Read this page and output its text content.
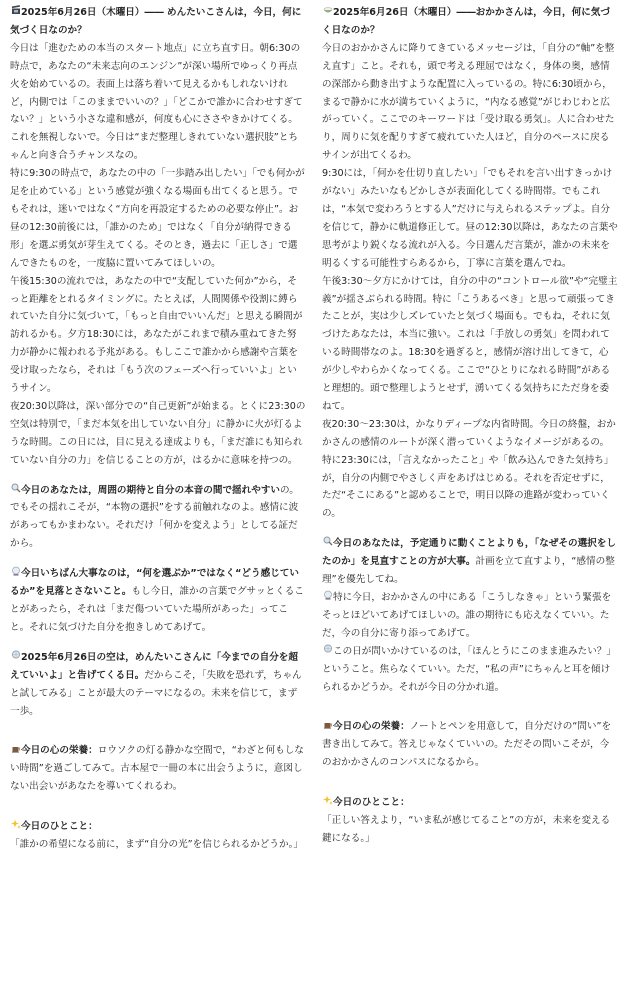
2025年6月26日（木曜日）―― めんたいこさんは，今日，何に気づく日なのか？

今日は「進むための本当のスタート地点」に立ち直す日。朝6:30の時点で，あなたの“未来志向のエンジン”が深い場所でゆっくり再点火を始めているの。表面上は落ち着いて見えるかもしれないけれど，内側では「このままでいいの？」「どこかで誰かに合わせすぎてない？」という小さな違和感が，何度も心にささやきかけてくる。これを無視しないで。今日は“まだ整理しきれていない選択肢”とちゃんと向き合うチャンスなの。

特に9:30の時点で，あなたの中の「一歩踏み出したい」「でも何かが足を止めている」という感覚が強くなる場面も出てくると思う。でもそれは，迷いではなく“方向を再設定するための必要な停止”。お昼の12:30前後には，「誰かのため」ではなく「自分が納得できる形」を選ぶ勇気が芽生えてくる。そのとき，過去に「正しさ」で選んできたものを，一度脇に置いてみてほしいの。

午後15:30の流れでは，あなたの中で“支配していた何か”から，そっと距離をとれるタイミングに。たとえば，人間関係や役割に縛られていた自分に気づいて，「もっと自由でいいんだ」と思える瞬間が訪れるかも。夕方18:30には，あなたがこれまで積み重ねてきた努力が静かに報われる予兆がある。もしここで誰かから感謝や言葉を受け取ったなら，それは「もう次のフェーズへ行っていいよ」というサイン。

夜20:30以降は，深い部分での“自己更新”が始まる。とくに23:30の空気は特別で，「まだ本気を出していない自分」に静かに火が灯るような時間。この日には，目に見える達成よりも，「まだ誰にも知られていない自分の力」を信じることの方が，はるかに意味を持つの。

今日のあなたは，周囲の期待と自分の本音の間で揺れやすいの。でもその揺れこそが，“本物の選択”をする前触れなのよ。感情に波があってもかまわない。それだけ「何かを変えよう」としてる証だから。

今日いちばん大事なのは，“何を選ぶか”ではなく“どう感じているか”を見落とさないこと。もし今日，誰かの言葉でグサッとくることがあったら，それは「まだ傷ついていた場所があった」ってこと。それに気づけた自分を抱きしめてあげて。

2025年6月26日の空は，めんたいこさんに「今までの自分を超えていいよ」と告げてくる日。だからこそ，「失敗を恐れず，ちゃんと試してみる」ことが最大のテーマになるの。未来を信じて，まず一歩。

今日の心の栄養：ロウソクの灯る静かな空間で，“わざと何もしない時間”を過ごしてみて。古本屋で一冊の本に出会うように，意図しない出会いがあなたを導いてくれるわ。

今日のひとこと：

「誰かの希望になる前に，まず“自分の光”を信じられるかどうか。」

2025年6月26日（木曜日）――おかかさんは，今日，何に気づく日なのか？

今日のおかかさんに降りてきているメッセージは，「自分の“軸”を整え直す」こと。それも，頭で考える理屈ではなく，身体の奥，感情の深部から動き出すような配置に入っているの。特に6:30頃から，まるで静かに水が満ちていくように，“内なる感覚”がじわじわと広がっていく。ここでのキーワードは「受け取る勇気」。人に合わせたり，周りに気を配りすぎて疲れていた人ほど，自分のペースに戻るサインが出てくるわ。

9:30には，「何かを仕切り直したい」「でもそれを言い出すきっかけがない」みたいなもどかしさが表面化してくる時間帯。でもこれは，“本気で変わろうとする人”だけに与えられるステップよ。自分を信じて，静かに軌道修正して。昼の12:30以降は，あなたの言葉や思考がより鋭くなる流れが入る。今日選んだ言葉が，誰かの未来を明るくする可能性すらあるから，丁寧に言葉を選んでね。

午後3:30〜夕方にかけては，自分の中の“コントロール欲”や“完璧主義”が揺さぶられる時間。特に「こうあるべき」と思って頑張ってきたことが，実は少しズレていたと気づく場面も。でもね，それに気づけたあなたは，本当に強い。これは「手放しの勇気」を問われている時間帯なのよ。18:30を過ぎると，感情が溶け出してきて，心が少しやわらかくなってくる。ここで“ひとりになれる時間”があると理想的。頭で整理しようとせず，湧いてくる気持ちにただ身を委ねて。

夜20:30〜23:30は，かなりディープな内省時間。今日の終盤，おかかさんの感情のルートが深く潜っていくようなイメージがあるの。特に23:30には，「言えなかったこと」や「飲み込んできた気持ち」が，自分の内側でやさしく声をあげはじめる。それを否定せずに，ただ“そこにある”と認めることで，明日以降の進路が変わっていくの。

今日のあなたは，予定通りに動くことよりも，「なぜその選択をしたのか」を見直すことの方が大事。計画を立て直すより，“感情の整理”を優先してね。

特に今日，おかかさんの中にある「こうしなきゃ」という緊張をそっとほどいてあげてほしいの。誰の期待にも応えなくていい。ただ，今の自分に寄り添ってあげて。

この日が問いかけているのは，「ほんとうにこのまま進みたい？」ということ。焦らなくていい。ただ，“私の声”にちゃんと耳を傾けられるかどうか。それが今日の分かれ道。

今日の心の栄養：ノートとペンを用意して，自分だけの“問い”を書き出してみて。答えじゃなくていいの。ただその問いこそが，今のおかかさんのコンパスになるから。

今日のひとこと：

「正しい答えより，“いま私が感じてること”の方が，未来を変える鍵になる。」
